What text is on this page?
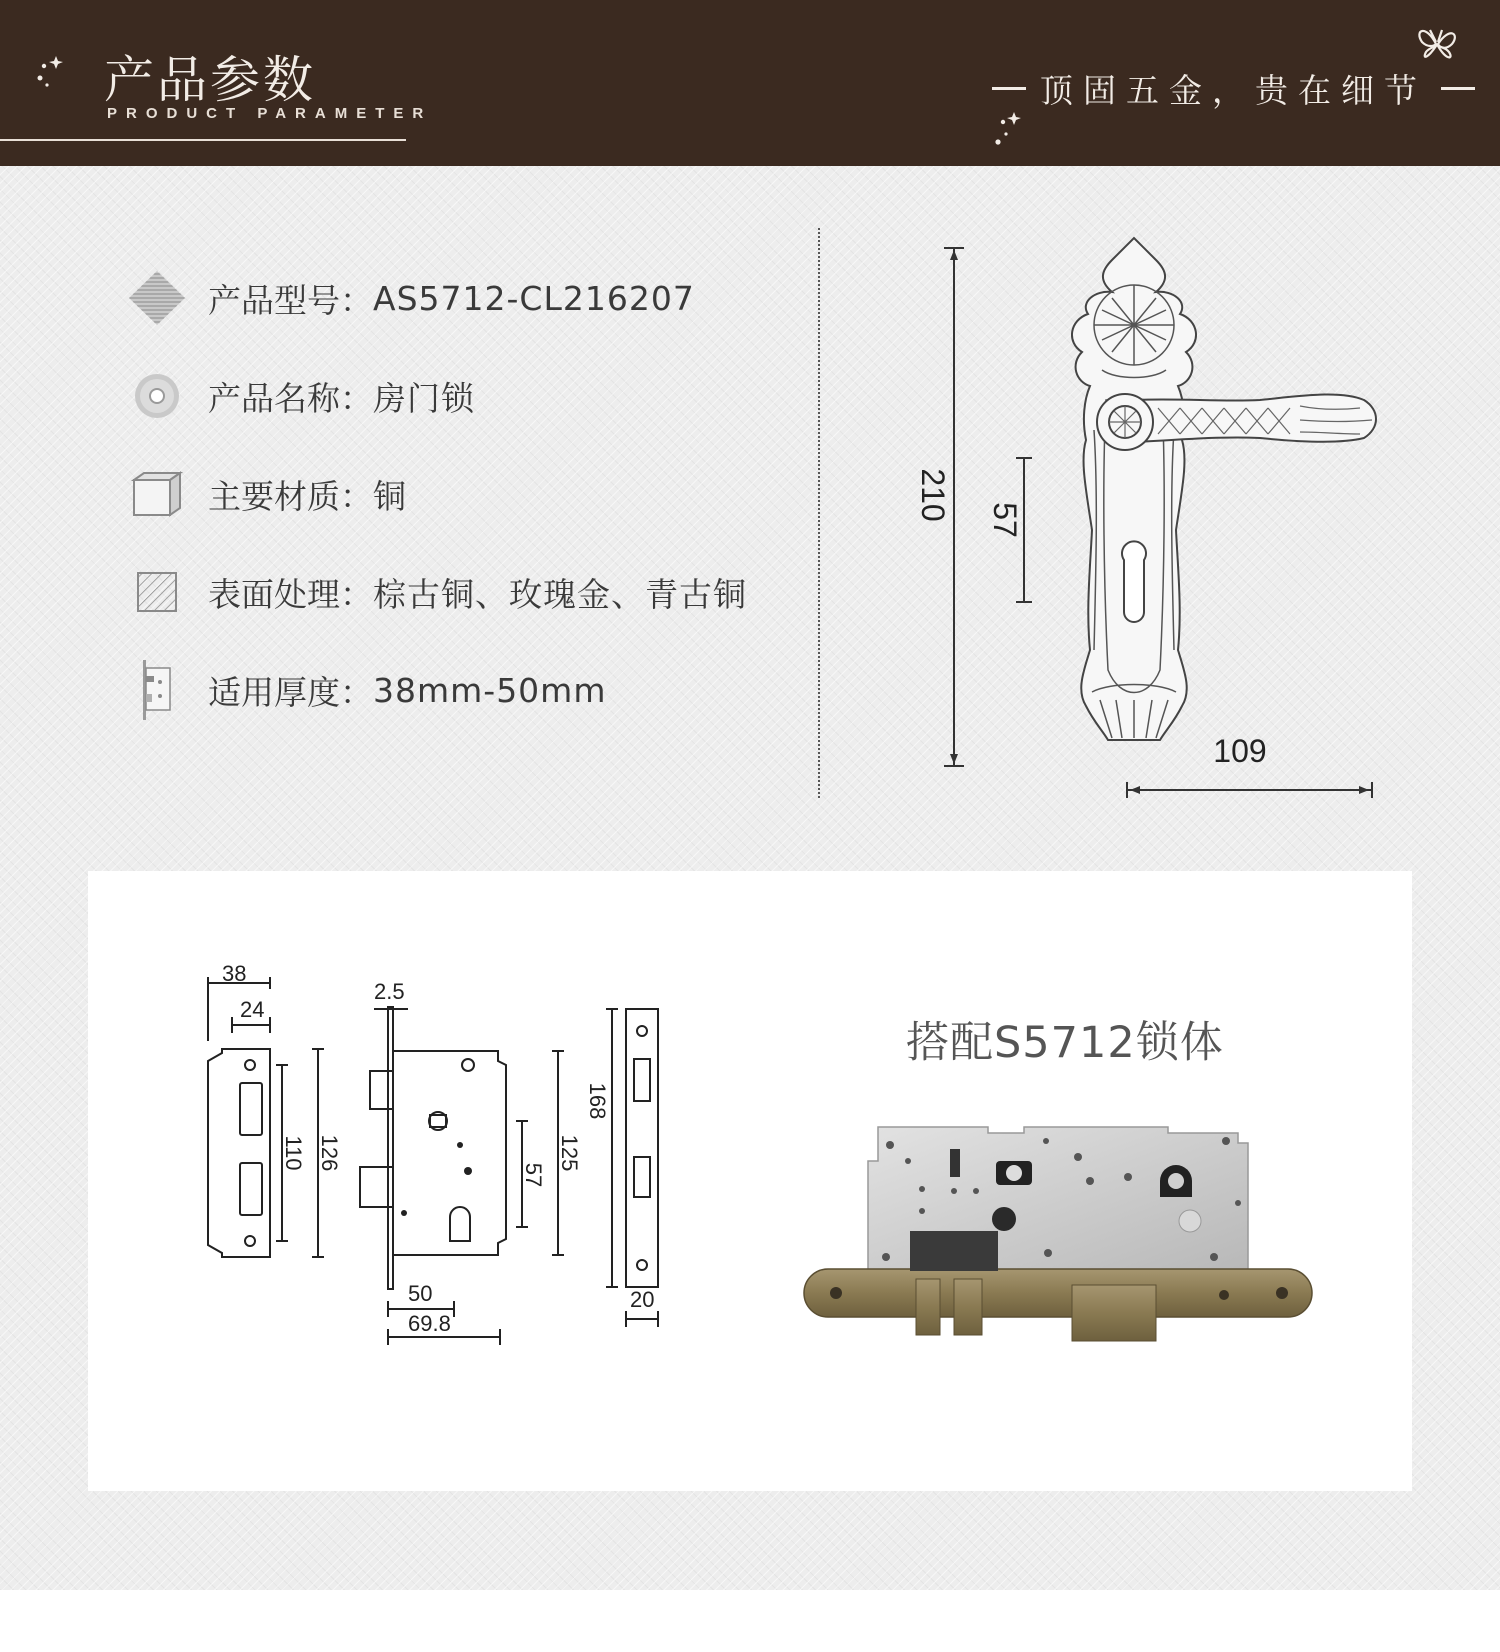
产品参数
PRODUCT PARAMETER
顶固五金，贵在细节
产品型号： AS5712-CL216207
产品名称： 房门锁
主要材质： 铜
表面处理： 棕古铜、玫瑰金、青古铜
适用厚度： 38mm-50mm
210 57
109
38
24
110 126
2.5
57
125
168
50
69.8
20
搭配S5712锁体
